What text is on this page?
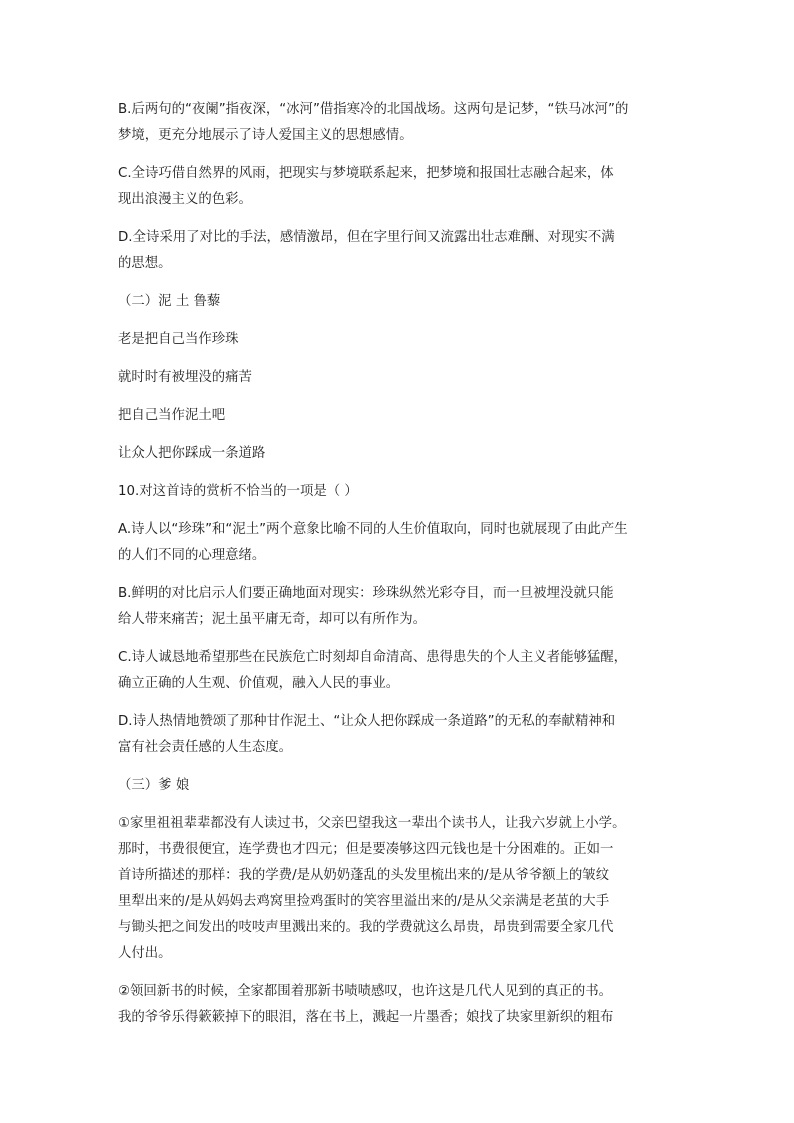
B.后两句的“夜阑”指夜深，“冰河”借指寒冷的北国战场。这两句是记梦，“铁马冰河”的
梦境，更充分地展示了诗人爱国主义的思想感情。
C.全诗巧借自然界的风雨，把现实与梦境联系起来，把梦境和报国壮志融合起来，体
现出浪漫主义的色彩。
D.全诗采用了对比的手法，感情激昂，但在字里行间又流露出壮志难酬、对现实不满
的思想。
（二）泥 土 鲁藜
老是把自己当作珍珠
就时时有被埋没的痛苦
把自己当作泥土吧
让众人把你踩成一条道路
10.对这首诗的赏析不恰当的一项是（ ）
A.诗人以“珍珠”和“泥土”两个意象比喻不同的人生价值取向，同时也就展现了由此产生
的人们不同的心理意绪。
B.鲜明的对比启示人们要正确地面对现实：珍珠纵然光彩夺目，而一旦被埋没就只能
给人带来痛苦；泥土虽平庸无奇，却可以有所作为。
C.诗人诚恳地希望那些在民族危亡时刻却自命清高、患得患失的个人主义者能够猛醒，
确立正确的人生观、价值观，融入人民的事业。
D.诗人热情地赞颂了那种甘作泥土、“让众人把你踩成一条道路”的无私的奉献精神和
富有社会责任感的人生态度。
（三）爹 娘
①家里祖祖辈辈都没有人读过书，父亲巴望我这一辈出个读书人，让我六岁就上小学。
那时，书费很便宜，连学费也才四元；但是要凑够这四元钱也是十分困难的。正如一
首诗所描述的那样：我的学费/是从奶奶蓬乱的头发里梳出来的/是从爷爷额上的皱纹
里犁出来的/是从妈妈去鸡窝里捡鸡蛋时的笑容里溢出来的/是从父亲满是老茧的大手
与锄头把之间发出的吱吱声里溅出来的。我的学费就这么昂贵，昂贵到需要全家几代
人付出。
②领回新书的时候，全家都围着那新书啧啧感叹，也许这是几代人见到的真正的书。
我的爷爷乐得簌簌掉下的眼泪，落在书上，溅起一片墨香；娘找了块家里新织的粗布
